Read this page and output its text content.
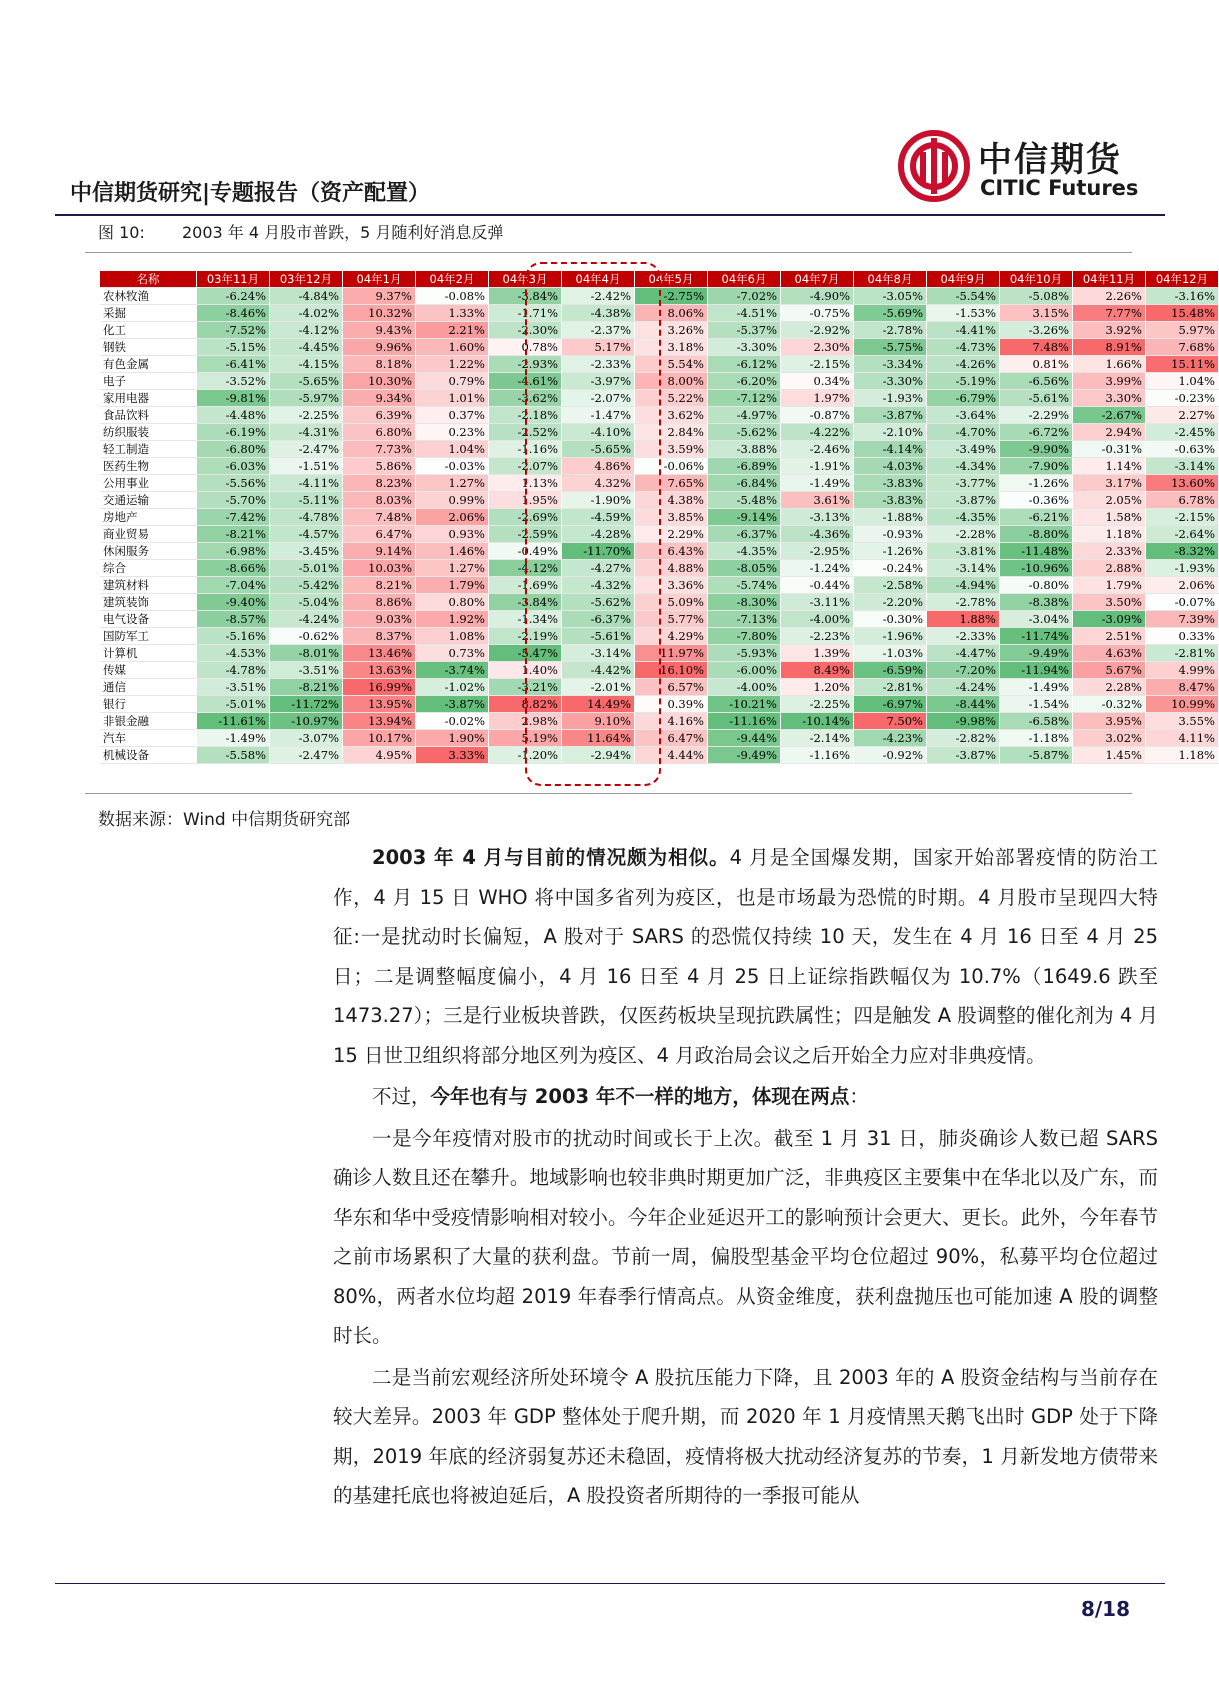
中信期货研究|专题报告（资产配置）
中信期货
CITIC Futures
图 10: 2003 年 4 月股市普跌，5 月随利好消息反弹
名称	03年11月	03年12月	04年1月	04年2月	04年3月	04年4月	04年5月	04年6月	04年7月	04年8月	04年9月	04年10月	04年11月	04年12月
农林牧渔	-6.24%	-4.84%	9.37%	-0.08%	-3.84%	-2.42%	-2.75%	-7.02%	-4.90%	-3.05%	-5.54%	-5.08%	2.26%	-3.16%
采掘	-8.46%	-4.02%	10.32%	1.33%	-1.71%	-4.38%	8.06%	-4.51%	-0.75%	-5.69%	-1.53%	3.15%	7.77%	15.48%
化工	-7.52%	-4.12%	9.43%	2.21%	-2.30%	-2.37%	3.26%	-5.37%	-2.92%	-2.78%	-4.41%	-3.26%	3.92%	5.97%
钢铁	-5.15%	-4.45%	9.96%	1.60%	0.78%	5.17%	3.18%	-3.30%	2.30%	-5.75%	-4.73%	7.48%	8.91%	7.68%
有色金属	-6.41%	-4.15%	8.18%	1.22%	-2.93%	-2.33%	5.54%	-6.12%	-2.15%	-3.34%	-4.26%	0.81%	1.66%	15.11%
电子	-3.52%	-5.65%	10.30%	0.79%	-4.61%	-3.97%	8.00%	-6.20%	0.34%	-3.30%	-5.19%	-6.56%	3.99%	1.04%
家用电器	-9.81%	-5.97%	9.34%	1.01%	-3.62%	-2.07%	5.22%	-7.12%	1.97%	-1.93%	-6.79%	-5.61%	3.30%	-0.23%
食品饮料	-4.48%	-2.25%	6.39%	0.37%	-2.18%	-1.47%	3.62%	-4.97%	-0.87%	-3.87%	-3.64%	-2.29%	-2.67%	2.27%
纺织服装	-6.19%	-4.31%	6.80%	0.23%	-2.52%	-4.10%	2.84%	-5.62%	-4.22%	-2.10%	-4.70%	-6.72%	2.94%	-2.45%
轻工制造	-6.80%	-2.47%	7.73%	1.04%	-1.16%	-5.65%	3.59%	-3.88%	-2.46%	-4.14%	-3.49%	-9.90%	-0.31%	-0.63%
医药生物	-6.03%	-1.51%	5.86%	-0.03%	-2.07%	4.86%	-0.06%	-6.89%	-1.91%	-4.03%	-4.34%	-7.90%	1.14%	-3.14%
公用事业	-5.56%	-4.11%	8.23%	1.27%	1.13%	4.32%	7.65%	-6.84%	-1.49%	-3.83%	-3.77%	-1.26%	3.17%	13.60%
交通运输	-5.70%	-5.11%	8.03%	0.99%	1.95%	-1.90%	4.38%	-5.48%	3.61%	-3.83%	-3.87%	-0.36%	2.05%	6.78%
房地产	-7.42%	-4.78%	7.48%	2.06%	-2.69%	-4.59%	3.85%	-9.14%	-3.13%	-1.88%	-4.35%	-6.21%	1.58%	-2.15%
商业贸易	-8.21%	-4.57%	6.47%	0.93%	-2.59%	-4.28%	2.29%	-6.37%	-4.36%	-0.93%	-2.28%	-8.80%	1.18%	-2.64%
休闲服务	-6.98%	-3.45%	9.14%	1.46%	-0.49%	-11.70%	6.43%	-4.35%	-2.95%	-1.26%	-3.81%	-11.48%	2.33%	-8.32%
综合	-8.66%	-5.01%	10.03%	1.27%	-4.12%	-4.27%	4.88%	-8.05%	-1.24%	-0.24%	-3.14%	-10.96%	2.88%	-1.93%
建筑材料	-7.04%	-5.42%	8.21%	1.79%	-1.69%	-4.32%	3.36%	-5.74%	-0.44%	-2.58%	-4.94%	-0.80%	1.79%	2.06%
建筑装饰	-9.40%	-5.04%	8.86%	0.80%	-3.84%	-5.62%	5.09%	-8.30%	-3.11%	-2.20%	-2.78%	-8.38%	3.50%	-0.07%
电气设备	-8.57%	-4.24%	9.03%	1.92%	-1.34%	-6.37%	5.77%	-7.13%	-4.00%	-0.30%	1.88%	-3.04%	-3.09%	7.39%
国防军工	-5.16%	-0.62%	8.37%	1.08%	-2.19%	-5.61%	4.29%	-7.80%	-2.23%	-1.96%	-2.33%	-11.74%	2.51%	0.33%
计算机	-4.53%	-8.01%	13.46%	0.73%	-5.47%	-3.14%	11.97%	-5.93%	1.39%	-1.03%	-4.47%	-9.49%	4.63%	-2.81%
传媒	-4.78%	-3.51%	13.63%	-3.74%	1.40%	-4.42%	16.10%	-6.00%	8.49%	-6.59%	-7.20%	-11.94%	5.67%	4.99%
通信	-3.51%	-8.21%	16.99%	-1.02%	-3.21%	-2.01%	6.57%	-4.00%	1.20%	-2.81%	-4.24%	-1.49%	2.28%	8.47%
银行	-5.01%	-11.72%	13.95%	-3.87%	8.82%	14.49%	0.39%	-10.21%	-2.25%	-6.97%	-8.44%	-1.54%	-0.32%	10.99%
非银金融	-11.61%	-10.97%	13.94%	-0.02%	2.98%	9.10%	4.16%	-11.16%	-10.14%	7.50%	-9.98%	-6.58%	3.95%	3.55%
汽车	-1.49%	-3.07%	10.17%	1.90%	5.19%	11.64%	6.47%	-9.44%	-2.14%	-4.23%	-2.82%	-1.18%	3.02%	4.11%
机械设备	-5.58%	-2.47%	4.95%	3.33%	-1.20%	-2.94%	4.44%	-9.49%	-1.16%	-0.92%	-3.87%	-5.87%	1.45%	1.18%
数据来源：Wind 中信期货研究部

2003 年 4 月与目前的情况颇为相似。4 月是全国爆发期，国家开始部署疫情的防治工作，4 月 15 日 WHO 将中国多省列为疫区，也是市场最为恐慌的时期。4 月股市呈现四大特征:一是扰动时长偏短，A 股对于 SARS 的恐慌仅持续 10 天，发生在 4 月 16 日至 4 月 25 日；二是调整幅度偏小，4 月 16 日至 4 月 25 日上证综指跌幅仅为 10.7%（1649.6 跌至 1473.27）；三是行业板块普跌，仅医药板块呈现抗跌属性；四是触发 A 股调整的催化剂为 4 月 15 日世卫组织将部分地区列为疫区、4 月政治局会议之后开始全力应对非典疫情。

不过，今年也有与 2003 年不一样的地方，体现在两点：

一是今年疫情对股市的扰动时间或长于上次。截至 1 月 31 日，肺炎确诊人数已超 SARS 确诊人数且还在攀升。地域影响也较非典时期更加广泛，非典疫区主要集中在华北以及广东，而华东和华中受疫情影响相对较小。今年企业延迟开工的影响预计会更大、更长。此外，今年春节之前市场累积了大量的获利盘。节前一周，偏股型基金平均仓位超过 90%，私募平均仓位超过 80%，两者水位均超 2019 年春季行情高点。从资金维度，获利盘抛压也可能加速 A 股的调整时长。

二是当前宏观经济所处环境令 A 股抗压能力下降，且 2003 年的 A 股资金结构与当前存在较大差异。2003 年 GDP 整体处于爬升期，而 2020 年 1 月疫情黑天鹅飞出时 GDP 处于下降期，2019 年底的经济弱复苏还未稳固，疫情将极大扰动经济复苏的节奏，1 月新发地方债带来的基建托底也将被迫延后，A 股投资者所期待的一季报可能从

8/18
